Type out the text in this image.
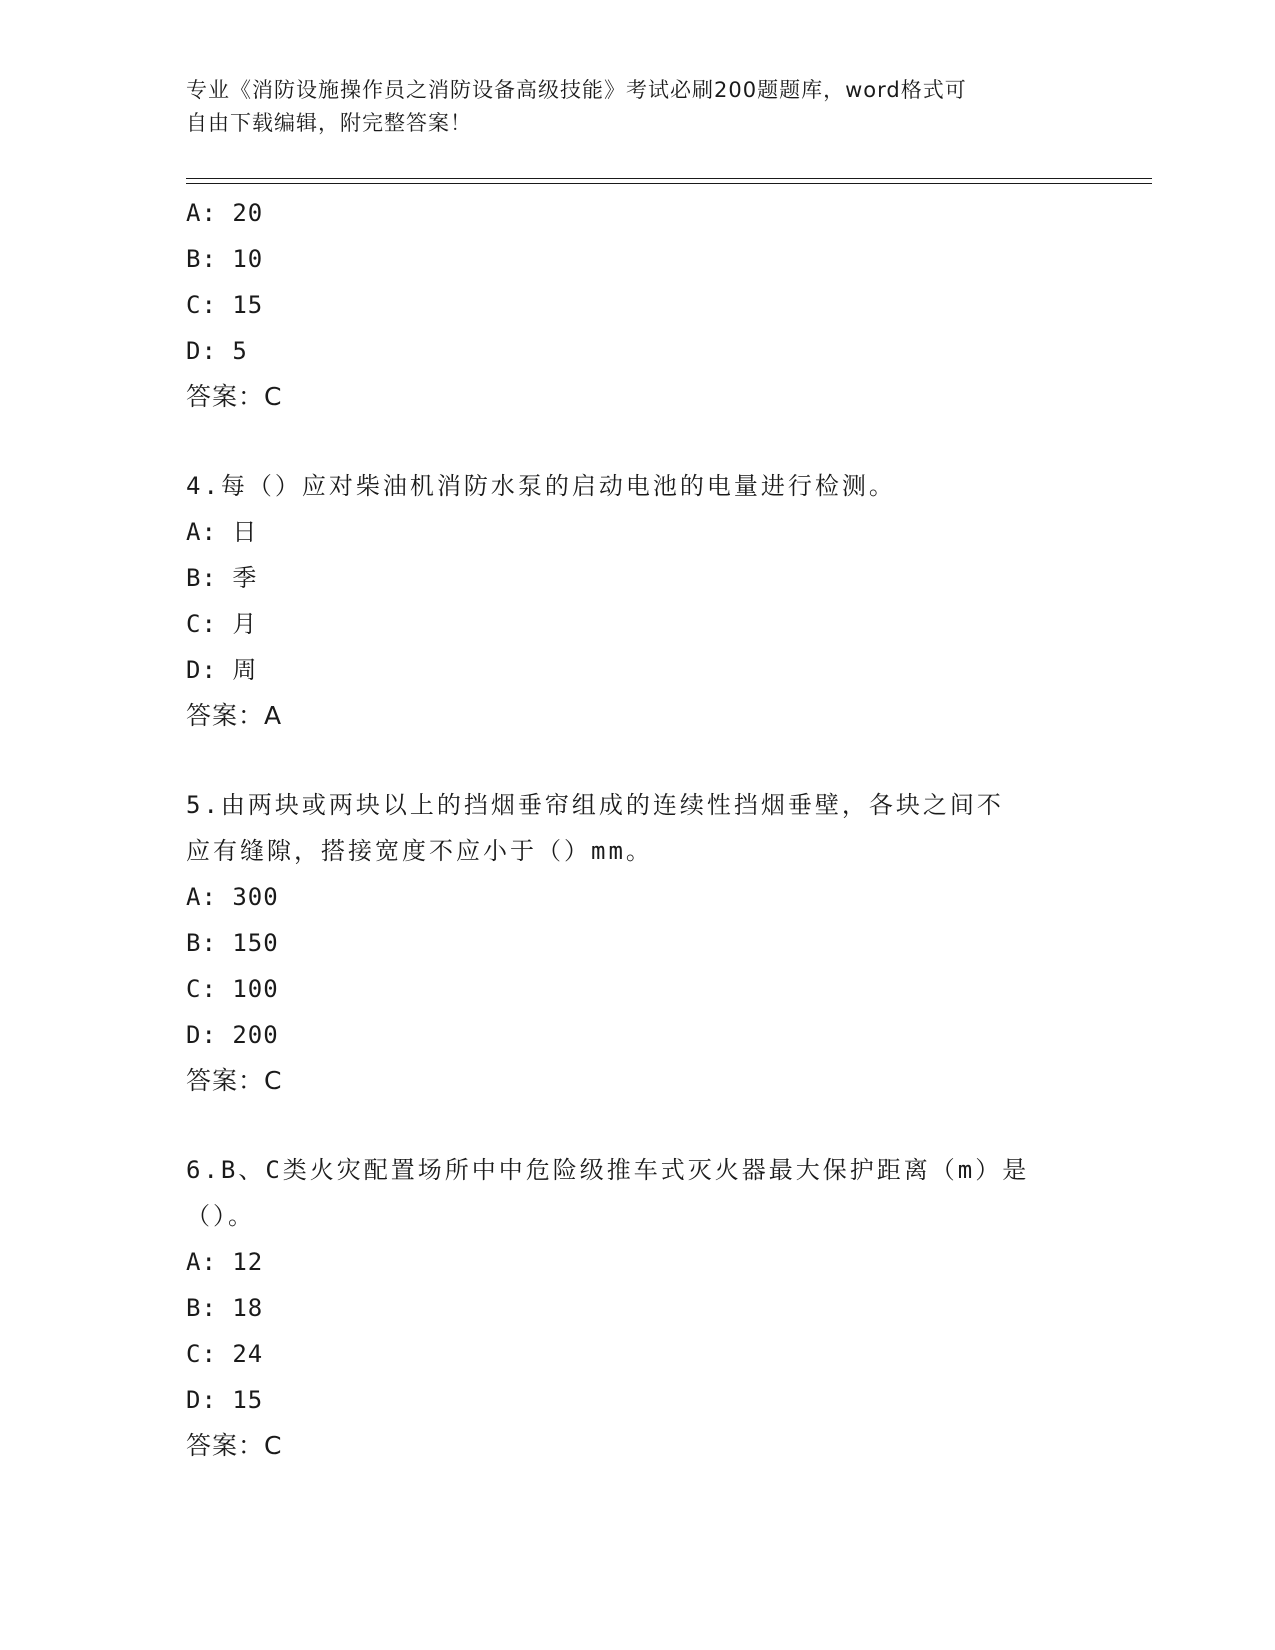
专业《消防设施操作员之消防设备高级技能》考试必刷200题题库，word格式可
自由下载编辑，附完整答案！
A: 20
B: 10
C: 15
D: 5
答案：C
4.每（）应对柴油机消防水泵的启动电池的电量进行检测。
A: 日
B: 季
C: 月
D: 周
答案：A
5.由两块或两块以上的挡烟垂帘组成的连续性挡烟垂壁，各块之间不
应有缝隙，搭接宽度不应小于（）mm。
A: 300
B: 150
C: 100
D: 200
答案：C
6.B、C类火灾配置场所中中危险级推车式灭火器最大保护距离（m）是
（）。
A: 12
B: 18
C: 24
D: 15
答案：C
